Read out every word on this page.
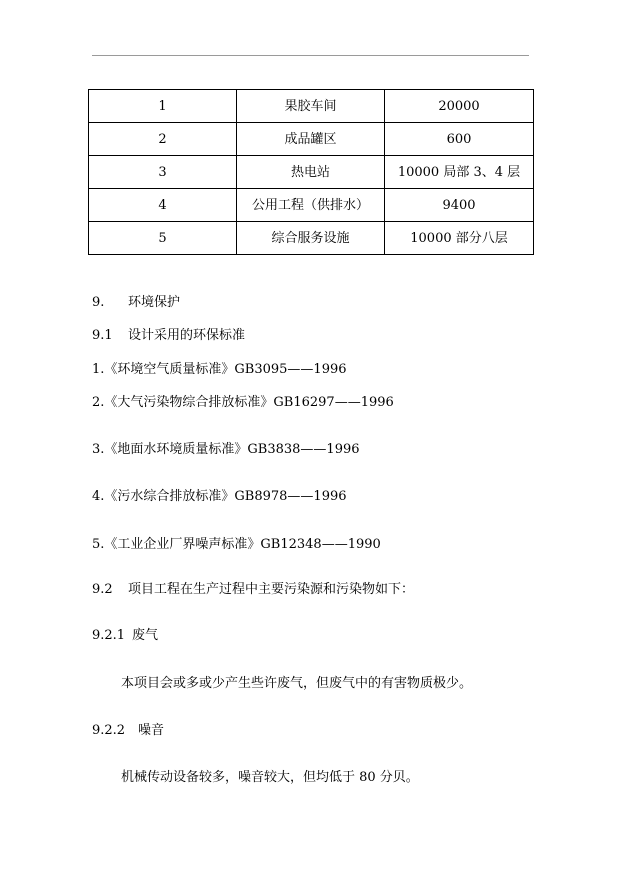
1	果胶车间	20000
2	成品罐区	600
3	热电站	10000 局部 3、4 层
4	公用工程（供排水）	9400
5	综合服务设施	10000 部分八层
9. 环境保护
9.1 设计采用的环保标准
1.《环境空气质量标准》GB3095——1996
2.《大气污染物综合排放标准》GB16297——1996
3.《地面水环境质量标准》GB3838——1996
4.《污水综合排放标准》GB8978——1996
5.《工业企业厂界噪声标准》GB12348——1990
9.2 项目工程在生产过程中主要污染源和污染物如下：
9.2.1 废气
本项目会或多或少产生些许废气，但废气中的有害物质极少。
9.2.2 噪音
机械传动设备较多，噪音较大，但均低于 80 分贝。
